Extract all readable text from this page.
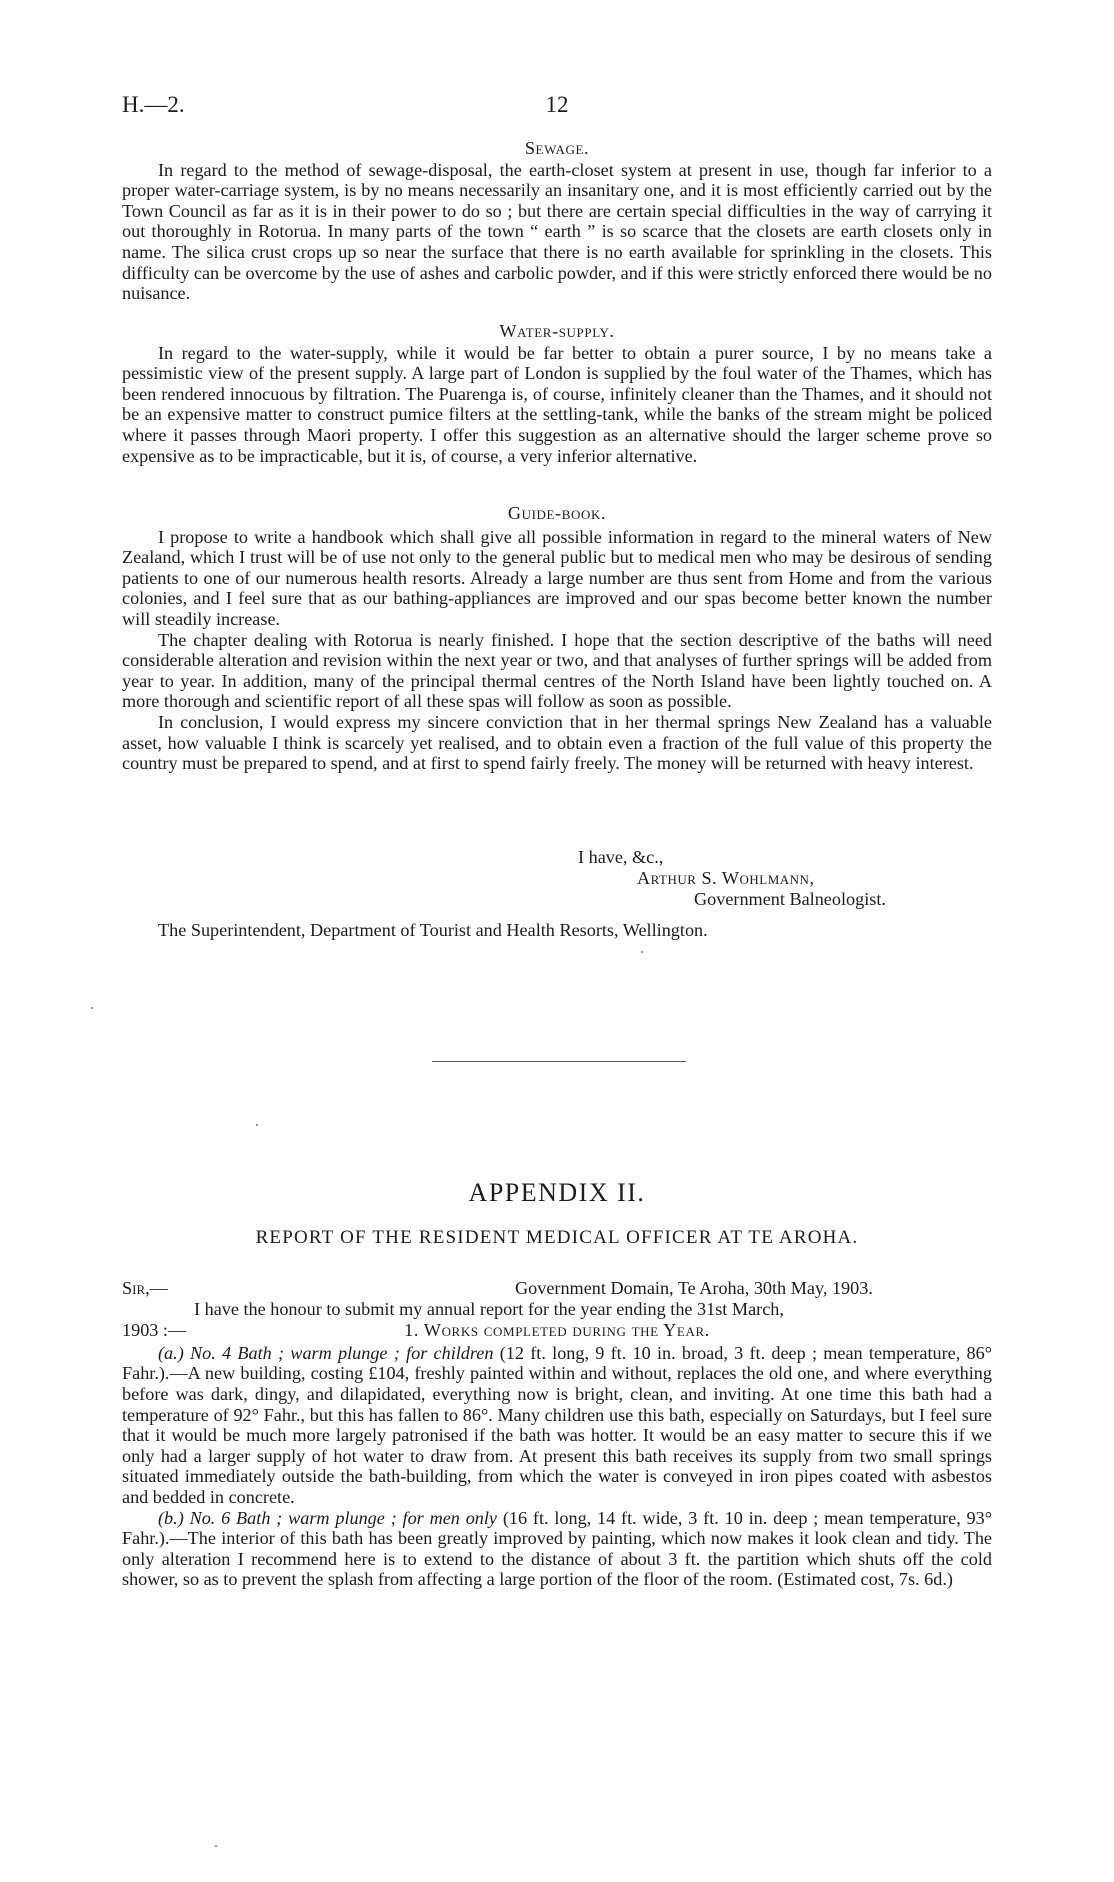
H.—2.	12
Sewage.

In regard to the method of sewage-disposal, the earth-closet system at present in use, though far inferior to a proper water-carriage system, is by no means necessarily an insanitary one, and it is most efficiently carried out by the Town Council as far as it is in their power to do so ; but there are certain special difficulties in the way of carrying it out thoroughly in Rotorua. In many parts of the town “ earth ” is so scarce that the closets are earth closets only in name. The silica crust crops up so near the surface that there is no earth available for sprinkling in the closets. This difficulty can be overcome by the use of ashes and carbolic powder, and if this were strictly enforced there would be no nuisance.

Water-supply.

In regard to the water-supply, while it would be far better to obtain a purer source, I by no means take a pessimistic view of the present supply. A large part of London is supplied by the foul water of the Thames, which has been rendered innocuous by filtration. The Puarenga is, of course, infinitely cleaner than the Thames, and it should not be an expensive matter to construct pumice filters at the settling-tank, while the banks of the stream might be policed where it passes through Maori property. I offer this suggestion as an alternative should the larger scheme prove so expensive as to be impracticable, but it is, of course, a very inferior alternative.

Guide-book.

I propose to write a handbook which shall give all possible information in regard to the mineral waters of New Zealand, which I trust will be of use not only to the general public but to medical men who may be desirous of sending patients to one of our numerous health resorts. Already a large number are thus sent from Home and from the various colonies, and I feel sure that as our bathing-appliances are improved and our spas become better known the number will steadily increase.

The chapter dealing with Rotorua is nearly finished. I hope that the section descriptive of the baths will need considerable alteration and revision within the next year or two, and that analyses of further springs will be added from year to year. In addition, many of the principal thermal centres of the North Island have been lightly touched on. A more thorough and scientific report of all these spas will follow as soon as possible.

In conclusion, I would express my sincere conviction that in her thermal springs New Zealand has a valuable asset, how valuable I think is scarcely yet realised, and to obtain even a fraction of the full value of this property the country must be prepared to spend, and at first to spend fairly freely. The money will be returned with heavy interest.

I have, &c.,
Arthur S. Wohlmann,
Government Balneologist.
The Superintendent, Department of Tourist and Health Resorts, Wellington.
APPENDIX II.
REPORT OF THE RESIDENT MEDICAL OFFICER AT TE AROHA.
Sir,—	Government Domain, Te Aroha, 30th May, 1903.

I have the honour to submit my annual report for the year ending the 31st March,

1903 :—	1. Works completed during the Year.

(a.) No. 4 Bath ; warm plunge ; for children (12 ft. long, 9 ft. 10 in. broad, 3 ft. deep ; mean temperature, 86° Fahr.).—A new building, costing £104, freshly painted within and without, replaces the old one, and where everything before was dark, dingy, and dilapidated, everything now is bright, clean, and inviting. At one time this bath had a temperature of 92° Fahr., but this has fallen to 86°. Many children use this bath, especially on Saturdays, but I feel sure that it would be much more largely patronised if the bath was hotter. It would be an easy matter to secure this if we only had a larger supply of hot water to draw from. At present this bath receives its supply from two small springs situated immediately outside the bath-building, from which the water is conveyed in iron pipes coated with asbestos and bedded in concrete.

(b.) No. 6 Bath ; warm plunge ; for men only (16 ft. long, 14 ft. wide, 3 ft. 10 in. deep ; mean temperature, 93° Fahr.).—The interior of this bath has been greatly improved by painting, which now makes it look clean and tidy. The only alteration I recommend here is to extend to the distance of about 3 ft. the partition which shuts off the cold shower, so as to prevent the splash from affecting a large portion of the floor of the room. (Estimated cost, 7s. 6d.)
